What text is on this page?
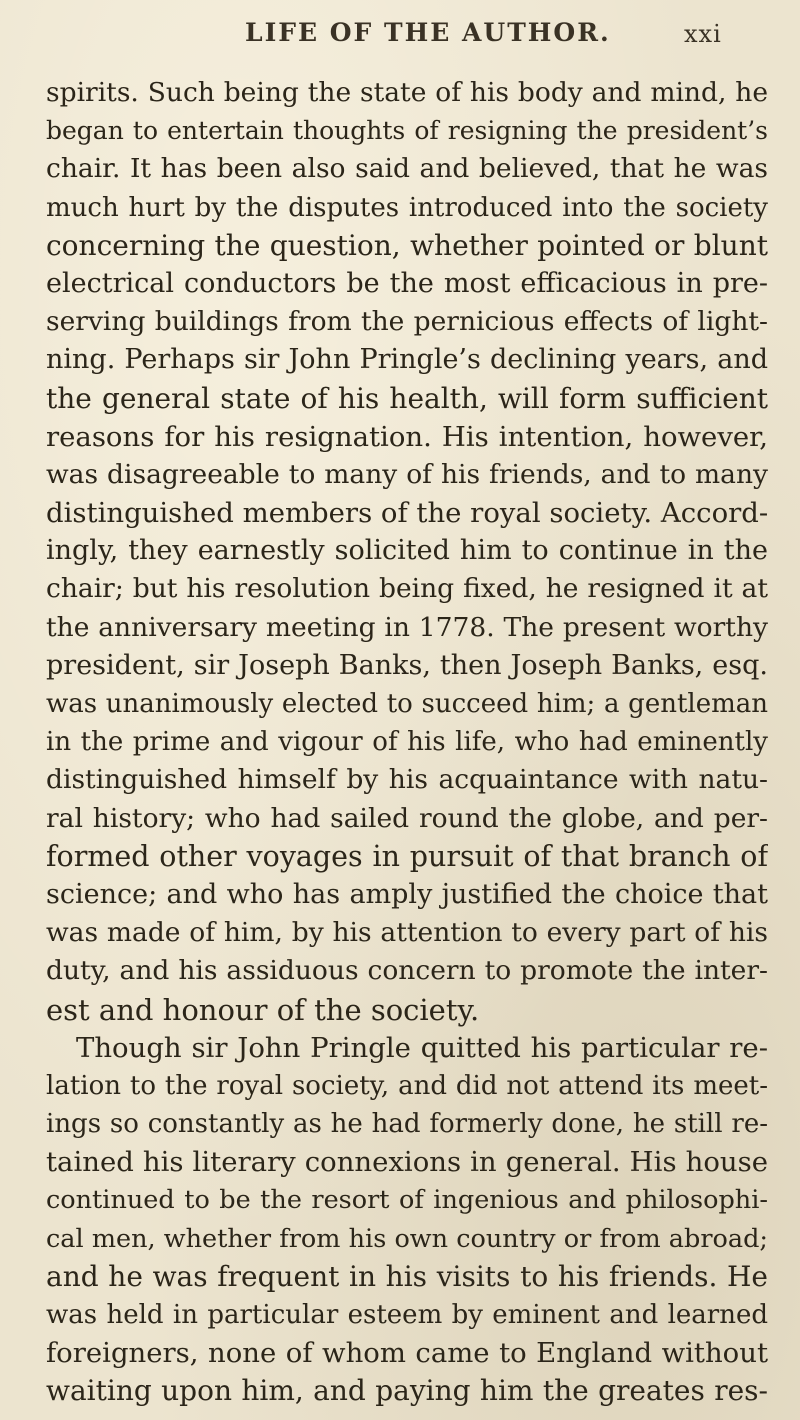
LIFE OF THE AUTHOR.	xxi
spirits. Such being the state of his body and mind, he
began to entertain thoughts of resigning the president’s
chair. It has been also said and believed, that he was
much hurt by the disputes introduced into the society
concerning the question, whether pointed or blunt
electrical conductors be the most efficacious in pre-
serving buildings from the pernicious effects of light-
ning. Perhaps sir John Pringle’s declining years, and
the general state of his health, will form sufficient
reasons for his resignation. His intention, however,
was disagreeable to many of his friends, and to many
distinguished members of the royal society. Accord-
ingly, they earnestly solicited him to continue in the
chair; but his resolution being fixed, he resigned it at
the anniversary meeting in 1778. The present worthy
president, sir Joseph Banks, then Joseph Banks, esq.
was unanimously elected to succeed him; a gentleman
in the prime and vigour of his life, who had eminently
distinguished himself by his acquaintance with natu-
ral history; who had sailed round the globe, and per-
formed other voyages in pursuit of that branch of
science; and who has amply justified the choice that
was made of him, by his attention to every part of his
duty, and his assiduous concern to promote the inter-
est and honour of the society.
Though sir John Pringle quitted his particular re-
lation to the royal society, and did not attend its meet-
ings so constantly as he had formerly done, he still re-
tained his literary connexions in general. His house
continued to be the resort of ingenious and philosophi-
cal men, whether from his own country or from abroad;
and he was frequent in his visits to his friends. He
was held in particular esteem by eminent and learned
foreigners, none of whom came to England without
waiting upon him, and paying him the greates res-
